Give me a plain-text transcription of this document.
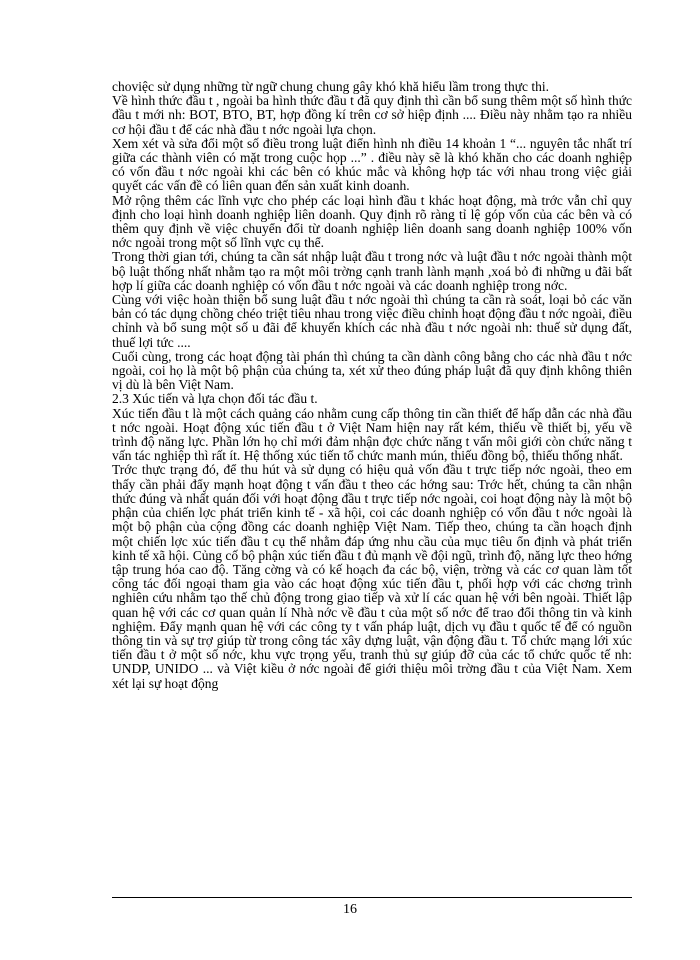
choviệc sử dụng những từ ngữ chung chung gây khó khă hiểu lầm trong thực thi.

Về hình thức đầu t , ngoài ba hình thức đầu t đã quy định thì cần bổ sung thêm một số hình thức đầu t mới nh: BOT, BTO, BT, hợp đồng kí trên cơ sở hiệp định .... Điều này nhằm tạo ra nhiều cơ hội đầu t để các nhà đầu t nớc ngoài lựa chọn.

Xem xét và sửa đổi một số điều trong luật điển hình nh điều 14 khoản 1 “... nguyên tắc nhất trí giữa các thành viên có mặt trong cuộc họp ...” . điều này sẽ là khó khăn cho các doanh nghiệp có vốn đầu t nớc ngoài khi các bên có khúc mắc và không hợp tác với nhau trong việc giải quyết các vấn đề có liên quan đến sản xuất kinh doanh.

Mở rộng thêm các lĩnh vực cho phép các loại hình đầu t khác hoạt động, mà trớc vẫn chỉ quy định cho loại hình doanh nghiệp liên doanh. Quy định rõ ràng tỉ lệ góp vốn của các bên và có thêm quy định về việc chuyển đổi từ doanh nghiệp liên doanh sang doanh nghiệp 100% vốn nớc ngoài trong một số lĩnh vực cụ thể.

Trong thời gian tới, chúng ta cần sát nhập luật đầu t trong nớc và luật đầu t nớc ngoài thành một bộ luật thống nhất nhằm tạo ra một môi trờng cạnh tranh lành mạnh ,xoá bỏ đi những u đãi bất hợp lí giữa các doanh nghiệp có vốn đầu t nớc ngoài và các doanh nghiệp trong nớc.

Cùng với việc hoàn thiện bổ sung luật đầu t nớc ngoài thì chúng ta cần rà soát, loại bỏ các văn bản có tác dụng chồng chéo triệt tiêu nhau trong việc điều chỉnh hoạt động đầu t nớc ngoài, điều chỉnh và bổ sung một số u đãi để khuyến khích các nhà đầu t nớc ngoài nh: thuế sử dụng đất, thuế lợi tức ....

Cuối cùng, trong các hoạt động tài phán thì chúng ta cần dành công bằng cho các nhà đầu t nớc ngoài, coi họ là một bộ phận của chúng ta, xét xử theo đúng pháp luật đã quy định không thiên vị dù là bên Việt Nam.

2.3 Xúc tiến và lựa chọn đối tác đầu t.

Xúc tiến đầu t là một cách quảng cáo nhằm cung cấp thông tin cần thiết để hấp dẫn các nhà đầu t nớc ngoài. Hoạt động xúc tiến đầu t ở Việt Nam hiện nay rất kém, thiếu về thiết bị, yếu về trình độ năng lực. Phần lớn họ chỉ mới đảm nhận đợc chức năng t vấn môi giới còn chức năng t vấn tác nghiệp thì rất ít. Hệ thống xúc tiến tổ chức manh mún, thiếu đồng bộ, thiếu thống nhất.

Trớc thực trạng đó, để thu hút và sử dụng có hiệu quả vốn đầu t trực tiếp nớc ngoài, theo em thấy cần phải đẩy mạnh hoạt động t vấn đầu t theo các hớng sau: Trớc hết, chúng ta cần nhận thức đúng và nhất quán đối với hoạt động đầu t trực tiếp nớc ngoài, coi hoạt động này là một bộ phận của chiến lợc phát triển kinh tế - xã hội, coi các doanh nghiệp có vốn đầu t nớc ngoài là một bộ phận của cộng đồng các doanh nghiệp Việt Nam. Tiếp theo, chúng ta cần hoạch định một chiến lợc xúc tiến đầu t cụ thể nhằm đáp ứng nhu cầu của mục tiêu ổn định và phát triển kinh tế xã hội. Củng cố bộ phận xúc tiến đầu t đủ mạnh về đội ngũ, trình độ, năng lực theo hớng tập trung hóa cao độ. Tăng cờng và có kế hoạch đa các bộ, viện, trờng và các cơ quan làm tốt công tác đối ngoại tham gia vào các hoạt động xúc tiến đầu t, phối hợp với các chơng trình nghiên cứu nhằm tạo thế chủ động trong giao tiếp và xử lí các quan hệ với bên ngoài. Thiết lập quan hệ với các cơ quan quản lí Nhà nớc về đầu t của một số nớc để trao đổi thông tin và kinh nghiệm. Đẩy mạnh quan hệ với các công ty t vấn pháp luật, dịch vụ đầu t quốc tế để có nguồn thông tin và sự trợ giúp từ trong công tác xây dựng luật, vận động đầu t. Tổ chức mạng lới xúc tiến đầu t ở một số nớc, khu vực trọng yếu, tranh thủ sự giúp đỡ của các tổ chức quốc tế nh: UNDP, UNIDO ... và Việt kiều ở nớc ngoài để giới thiệu môi trờng đầu t của Việt Nam. Xem xét lại sự hoạt động

16
